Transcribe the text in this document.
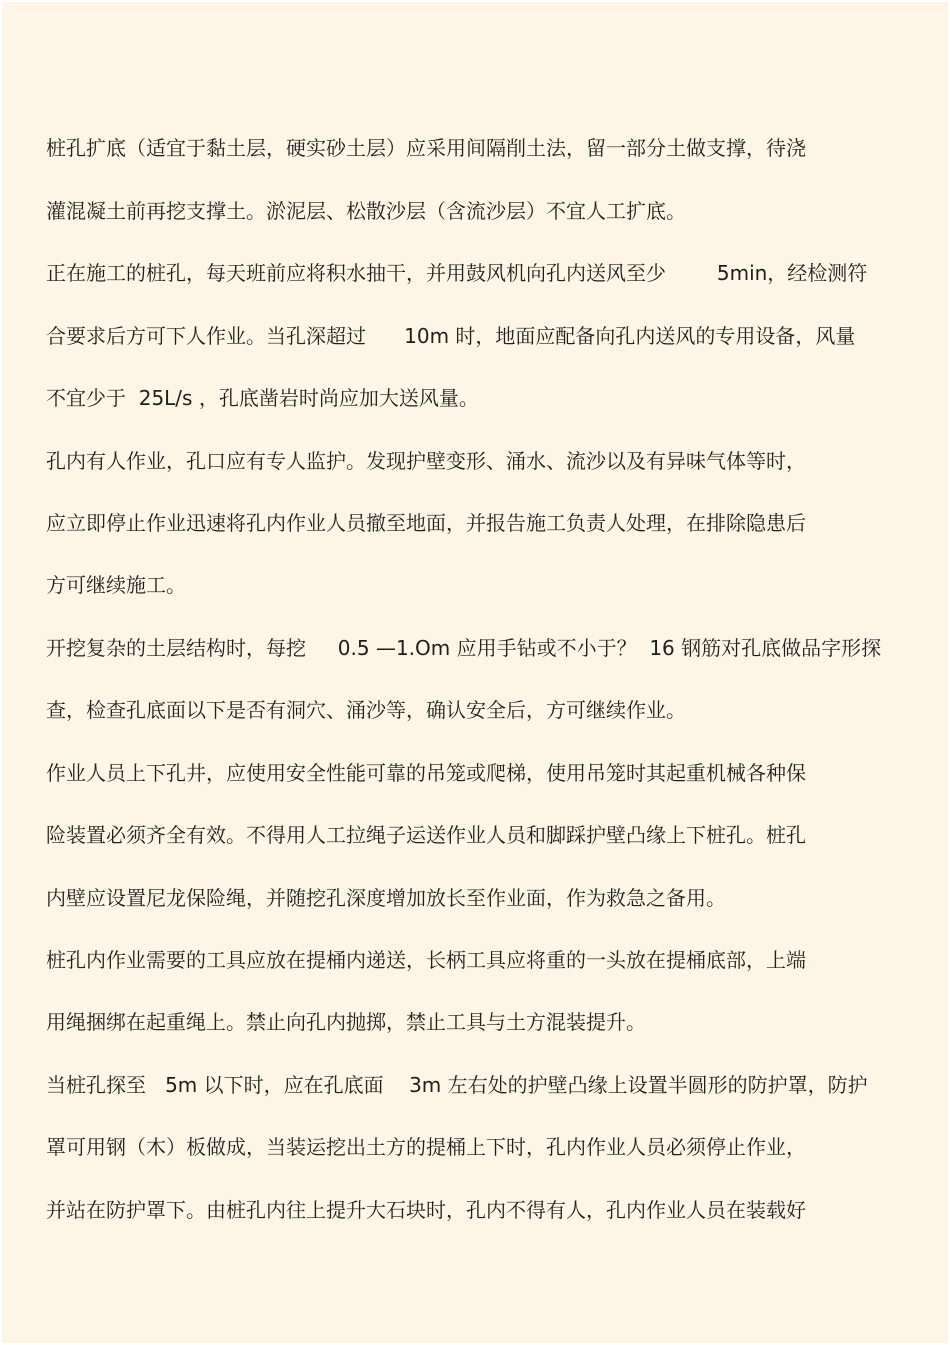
桩孔扩底（适宜于黏土层，硬实砂土层）应采用间隔削土法，留一部分土做支撑，待浇
灌混凝土前再挖支撑土。淤泥层、松散沙层（含流沙层）不宜人工扩底。
正在施工的桩孔，每天班前应将积水抽干，并用鼓风机向孔内送风至少        5min，经检测符
合要求后方可下人作业。当孔深超过      10m 时，地面应配备向孔内送风的专用设备，风量
不宜少于  25L/s ，孔底凿岩时尚应加大送风量。
孔内有人作业，孔口应有专人监护。发现护壁变形、涌水、流沙以及有异味气体等时，
应立即停止作业迅速将孔内作业人员撤至地面，并报告施工负责人处理，在排除隐患后
方可继续施工。
开挖复杂的土层结构时，每挖     0.5 —1.Om 应用手钻或不小于？  16 钢筋对孔底做品字形探
查，检查孔底面以下是否有洞穴、涌沙等，确认安全后，方可继续作业。
作业人员上下孔井，应使用安全性能可靠的吊笼或爬梯，使用吊笼时其起重机械各种保
险装置必须齐全有效。不得用人工拉绳子运送作业人员和脚踩护壁凸缘上下桩孔。桩孔
内壁应设置尼龙保险绳，并随挖孔深度增加放长至作业面，作为救急之备用。
桩孔内作业需要的工具应放在提桶内递送，长柄工具应将重的一头放在提桶底部，上端
用绳捆绑在起重绳上。禁止向孔内抛掷，禁止工具与土方混装提升。
当桩孔探至   5m 以下时，应在孔底面    3m 左右处的护壁凸缘上设置半圆形的防护罩，防护
罩可用钢（木）板做成，当装运挖出土方的提桶上下时，孔内作业人员必须停止作业，
并站在防护罩下。由桩孔内往上提升大石块时，孔内不得有人，孔内作业人员在装载好
